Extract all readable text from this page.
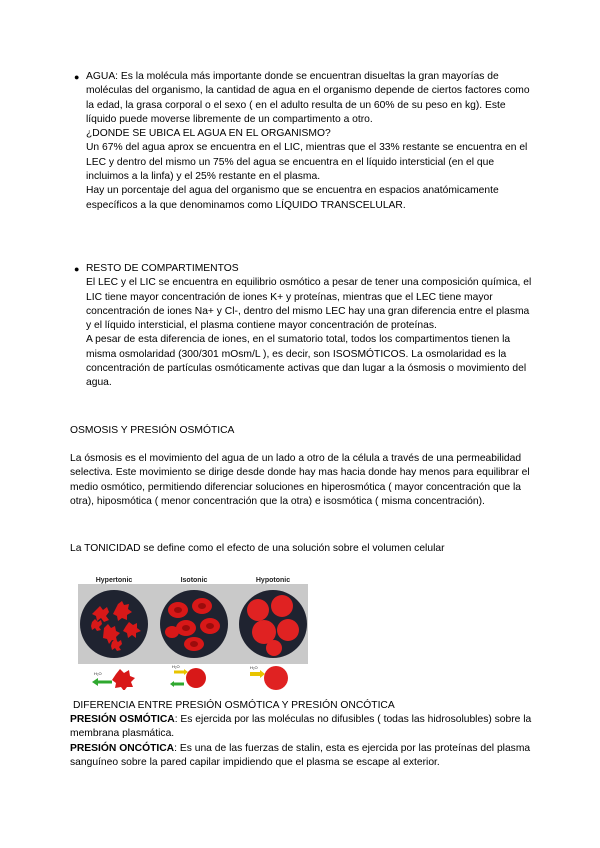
● AGUA: Es la molécula más importante donde se encuentran disueltas la gran mayorías de moléculas del organismo, la cantidad de agua en el organismo depende de ciertos factores como la edad, la grasa corporal o el sexo ( en el adulto resulta de un 60% de su peso en kg). Este líquido puede moverse libremente de un compartimento a otro.

¿DONDE SE UBICA EL AGUA EN EL ORGANISMO?

Un 67% del agua aprox se encuentra en el LIC, mientras que el 33% restante se encuentra en el LEC y dentro del mismo un 75% del agua se encuentra en el líquido intersticial (en el que incluimos a la linfa) y el 25% restante en el plasma.

Hay un porcentaje del agua del organismo que se encuentra en espacios anatómicamente específicos a la que denominamos como LÍQUIDO TRANSCELULAR.

● RESTO DE COMPARTIMENTOS

El LEC y el LIC se encuentra en equilibrio osmótico a pesar de tener una composición química, el LIC tiene mayor concentración de iones K+ y proteínas, mientras que el LEC tiene mayor concentración de iones Na+ y Cl-, dentro del mismo LEC hay una gran diferencia entre el plasma y el líquido intersticial, el plasma contiene mayor concentración de proteínas.

A pesar de esta diferencia de iones, en el sumatorio total, todos los compartimentos tienen la misma osmolaridad (300/301 mOsm/L ), es decir, son ISOSMÓTICOS. La osmolaridad es la concentración de partículas osmóticamente activas que dan lugar a la ósmosis o movimiento del agua.

OSMOSIS Y PRESIÓN OSMÓTICA

La ósmosis es el movimiento del agua de un lado a otro de la célula a través de una permeabilidad selectiva. Este movimiento se dirige desde donde hay mas hacia donde hay menos para equilibrar el medio osmótico, permitiendo diferenciar soluciones en hiperosmótica ( mayor concentración que la otra), hiposmótica ( menor concentración que la otra) e isosmótica ( misma concentración).

La TONICIDAD se define como el efecto de una solución sobre el volumen celular

Hypertonic	Isotonic	Hypotonic
H₂O
H₂O	H₂O
DIFERENCIA ENTRE PRESIÓN OSMÓTICA Y PRESIÓN ONCÓTICA

PRESIÓN OSMÓTICA: Es ejercida por las moléculas no difusibles ( todas las hidrosolubles) sobre la membrana plasmática.

PRESIÓN ONCÓTICA: Es una de las fuerzas de stalin, esta es ejercida por las proteínas del plasma sanguíneo sobre la pared capilar impidiendo que el plasma se escape al exterior.
